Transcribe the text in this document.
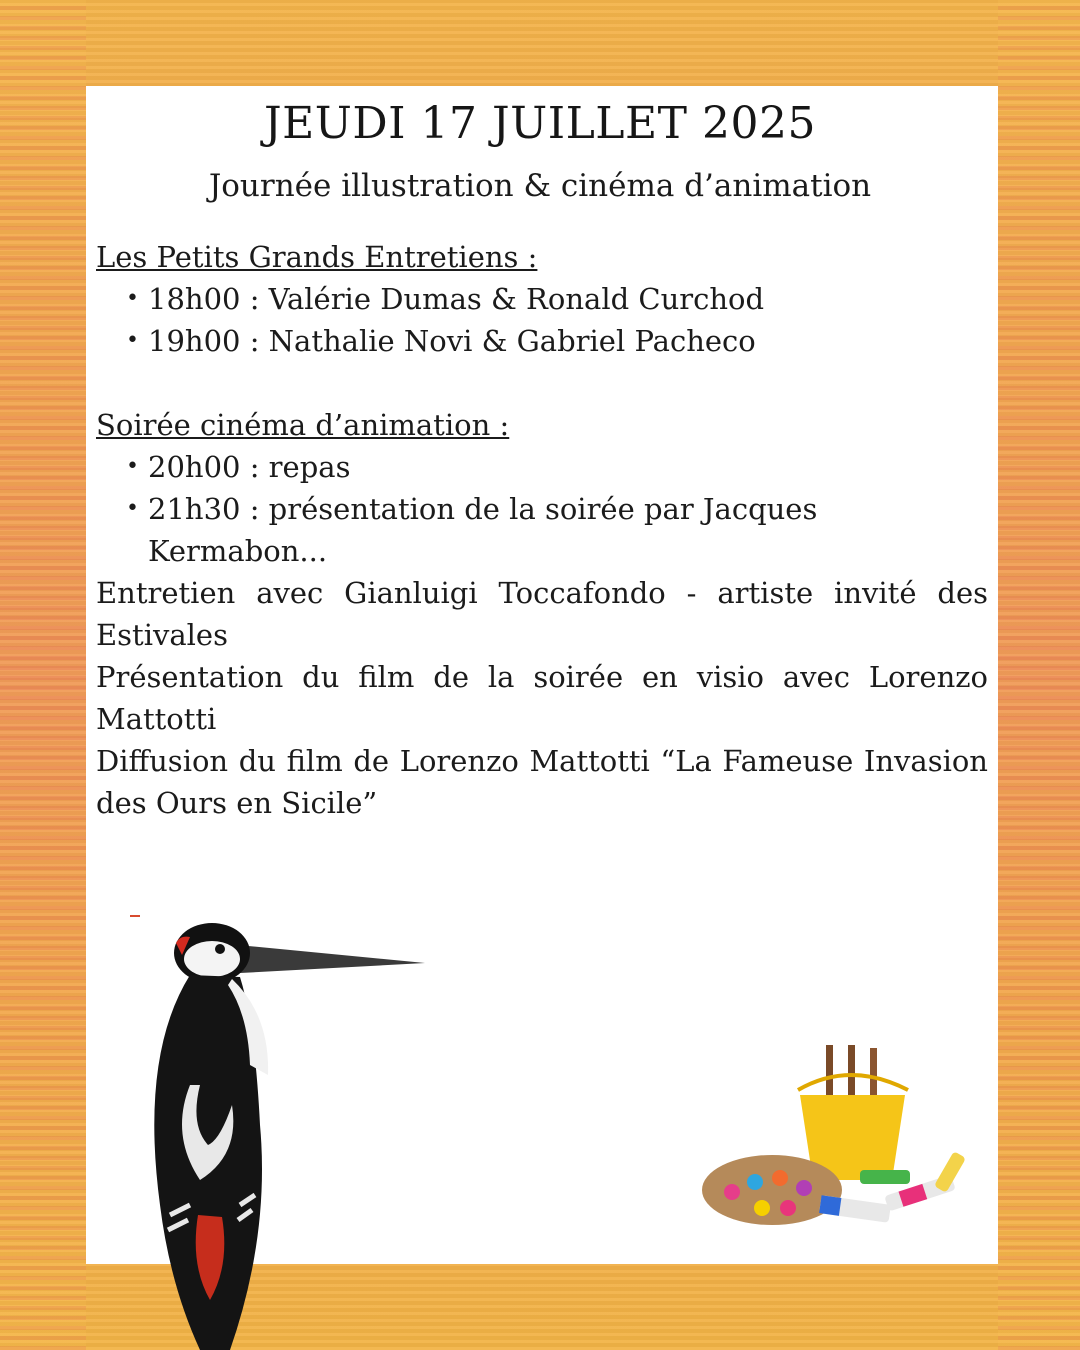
JEUDI 17 JUILLET 2025
Journée illustration & cinéma d’animation

Les Petits Grands Entretiens :

• 18h00 : Valérie Dumas & Ronald Curchod
• 19h00 : Nathalie Novi & Gabriel Pacheco

Soirée cinéma d’animation :

• 20h00 : repas
• 21h30 : présentation de la soirée par Jacques Kermabon...

Entretien avec Gianluigi Toccafondo - artiste invité des Estivales

Présentation du film de la soirée en visio avec Lorenzo Mattotti

Diffusion du film de Lorenzo Mattotti “La Fameuse Invasion des Ours en Sicile”
